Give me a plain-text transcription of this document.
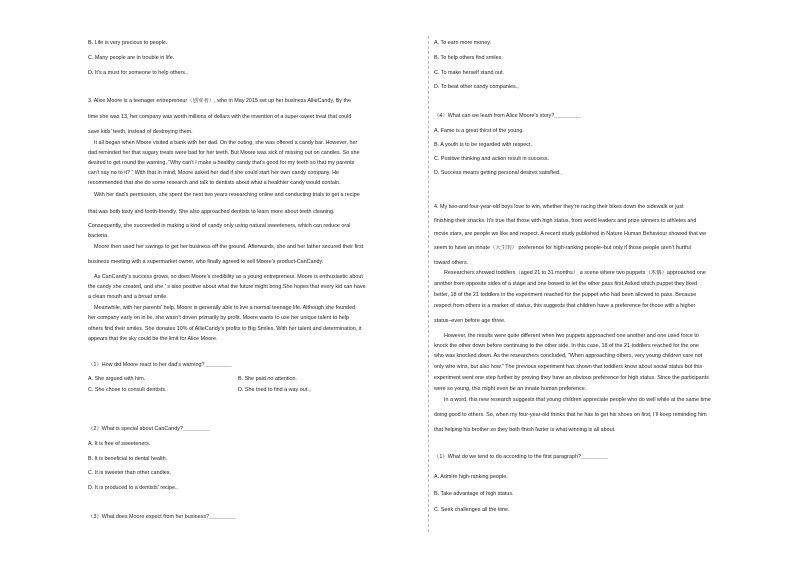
B. Life is very precious to people.
C. Many people are in trouble in life.
D. It’s a must for someone to help others.。
3. Alice Moore is a teenager entrepreneur（创业者）, who in May 2015 set up her business AllieCandy. By the
time she was 13, her company was worth millions of dollars with the invention of a super-sweet treat that could
save kids’ teeth, instead of destroying them.
It all began when Moore visited a bank with her dad. On the outing, she was offered a candy bar. However, her
dad reminded her that sugary treats were bad for her teeth. But Moore was sick of missing out on candies. So she
desired to get round the warning, “Why can’t I make a healthy candy that’s good for my teeth so that my parents
can’t say no to it? ” With that in mind, Moore asked her dad if she could start her own candy company. He
recommended that she do some research and talk to dentists about what a healthier candy would contain.
With her dad’s permission, she spent the next two years researching online and conducting trials to get a recipe
that was both tasty and tooth-friendly. She also approached dentists to learn more about teeth cleaning.
Consequently, she succeeded in making a kind of candy only using natural sweeteners, which can reduce oral
bacteria.
Moore then used her savings to get her business off the ground. Afterwards, she and her father secured their first
business meeting with a supermarket owner, who finally agreed to sell Moore’s product-CanCandy.
As CanCandy’s success grows, so does Moore’s credibility as a young entrepreneur. Moore is enthusiastic about
the candy she created, and she ' s also positive about what the future might bring.She hopes that every kid can have
a clean mouth and a broad smile.
Meanwhile, with her parents’ help, Moore is generally able to live a normal teenage life. Although she founded
her company early on in lie, she wasn’t driven primarily by profit. Moore wants to use her unique talent to help
others find their smiles. She donates 10% of AllieCandy’s profits to Big Smiles. With her talent and determination, it
appears that the sky could be the limit for Alice Moore.
（1）How did Moore react to her dad’s warning?＿＿＿＿＿
A. She argued with him.	B. She paid no attention.
C. She chose to consult dentists.	D. She tried to find a way out.。
（2）What is special about CanCandy?＿＿＿＿＿
A. It is free of sweeteners.
B. It is beneficial to dental health.
C. It is sweeter than other candies.
D. It is produced to a dentists' recipe.。
（3）What does Moore expect from her business?＿＿＿＿＿
A. To earn more money.
B. To help others find smiles.
C. To make herself stand out.
D. To beat other candy companies.。
（4）What can we learn from Alice Moore’s story?＿＿＿＿＿
A. Fame is a great thirst of the young.
B. A youth is to be regarded with respect.
C. Positive thinking and action result in success.
D. Success means getting personal desires satisfied.。
4. My two-and four-year-old boys love to win, whether they’re racing their bikes down the sidewalk or just
finishing their snacks. It’s true that those with high status, from world leaders and prize winners to athletes and
movie stars, are people we like and respect. A recent study published in Nature Human Behaviour showed that we
seem to have an innate（天生的） preference for high-ranking people–but only if those people aren’t hurtful
toward others.
Researchers showed toddlers（aged 21 to 31 months） a scene where two puppets（木偶）approached one
another from opposite sides of a stage and one bowed to let the other pass first.Asked which puppet they liked
better, 18 of the 21 toddlers in the experiment reached for the puppet who had been allowed to pass. Because
respect from others is a marker of status, this suggests that children have a preference for those with a higher
status–even before age three.
However, the results were quite different when two puppets approached one another and one used force to
knock the other down before continuing to the other side. In this case, 18 of the 21 toddlers reached for the one
who was knocked down. As the researchers concluded, “When approaching others, very young children care not
only who wins, but also how.” The previous experiment has shown that toddlers know about social status but this
experiment went one step further by proving they have an obvious preference for high status. Since the participants
were so young, this might even be an innate human preference.
In a word, this new research suggests that young children appreciate people who do well while at the same time
doing good to others. So, when my four-year-old thinks that he has to get his shoes on first, I’ll keep reminding him
that helping his brother so they both finish faster is what winning is all about.
（1）What do we tend to do according to the first paragraph?＿＿＿＿＿
A. Admire high-ranking people.
B. Take advantage of high status.
C. Seek challenges all the time.
